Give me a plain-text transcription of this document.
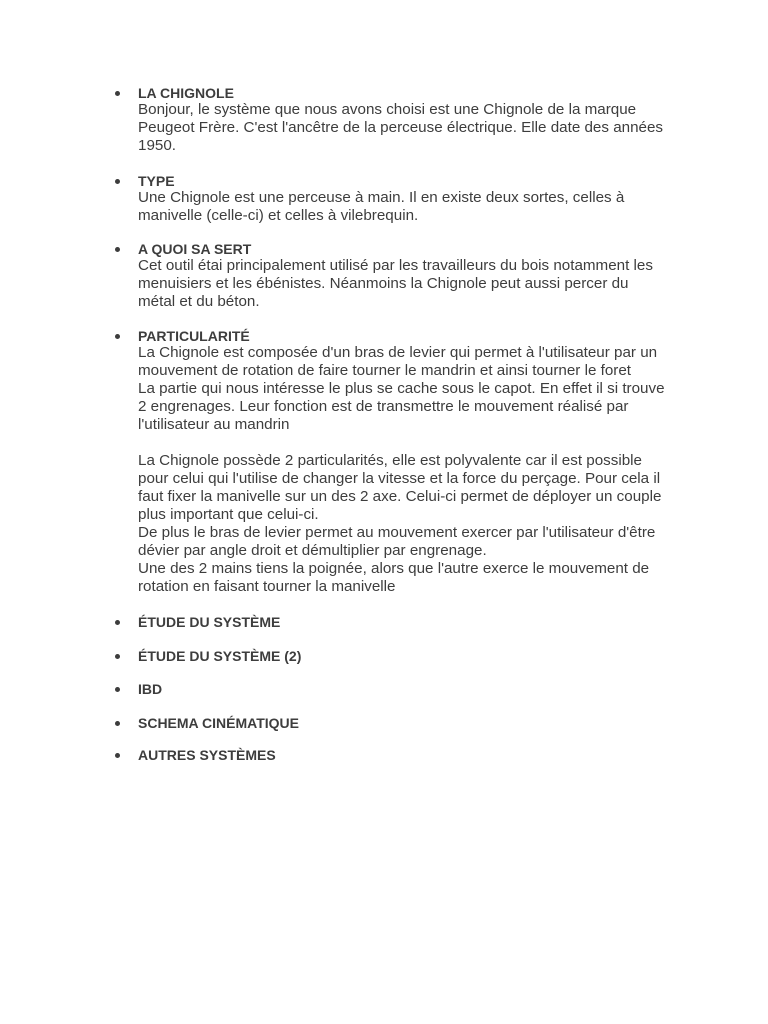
LA CHIGNOLE
Bonjour, le système que nous avons choisi est une Chignole de la marque
Peugeot Frère. C'est l'ancêtre de la perceuse électrique. Elle date des années
1950.
TYPE
Une Chignole est une perceuse à main. Il en existe deux sortes, celles à
manivelle (celle-ci) et celles à vilebrequin.
A QUOI SA SERT
Cet outil étai principalement utilisé par les travailleurs du bois notamment les
menuisiers et les ébénistes. Néanmoins la Chignole peut aussi percer du
métal et du béton.
PARTICULARITÉ
La Chignole est composée d'un bras de levier qui permet à l'utilisateur par un
mouvement de rotation de faire tourner le mandrin et ainsi tourner le foret
La partie qui nous intéresse le plus se cache sous le capot. En effet il si trouve
2 engrenages. Leur fonction est de transmettre le mouvement réalisé par
l'utilisateur au mandrin
La Chignole possède 2 particularités, elle est polyvalente car il est possible
pour celui qui l'utilise de changer la vitesse et la force du perçage. Pour cela il
faut fixer la manivelle sur un des 2 axe. Celui-ci permet de déployer un couple
plus important que celui-ci.
De plus le bras de levier permet au mouvement exercer par l'utilisateur d'être
dévier par angle droit et démultiplier par engrenage.
Une des 2 mains tiens la poignée, alors que l'autre exerce le mouvement de
rotation en faisant tourner la manivelle
ÉTUDE DU SYSTÈME
ÉTUDE DU SYSTÈME (2)
IBD
SCHEMA CINÉMATIQUE
AUTRES SYSTÈMES
